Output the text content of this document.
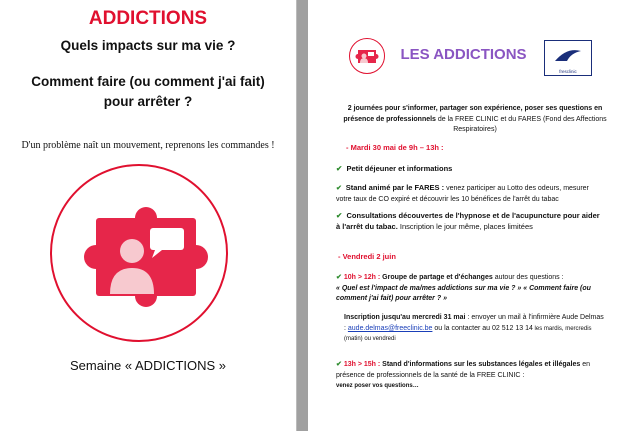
ADDICTIONS

Quels impacts sur ma vie ?

Comment faire (ou comment j'ai fait)
pour arrêter ?

D'un problème naît un mouvement, reprenons les commandes !

Semaine « ADDICTIONS »

LES ADDICTIONS
fresclinic

2 journées pour s'informer, partager son expérience, poser ses questions en présence de professionnels de la FREE CLINIC et du FARES (Fond des Affections Respiratoires)

- Mardi 30 mai de 9h – 13h :

✔ Petit déjeuner et informations

✔ Stand animé par le FARES : venez participer au Lotto des odeurs, mesurer votre taux de CO expiré et découvrir les 10 bénéfices de l'arrêt du tabac

✔ Consultations découvertes de l'hypnose et de l'acupuncture pour aider à l'arrêt du tabac. Inscription le jour même, places limitées

- Vendredi 2 juin

✔ 10h > 12h : Groupe de partage et d'échanges autour des questions :
« Quel est l'impact de ma/mes addictions sur ma vie ? » « Comment faire (ou comment j'ai fait) pour arrêter ? »

Inscription jusqu'au mercredi 31 mai : envoyer un mail à l'infirmière Aude Delmas : aude.delmas@freeclinic.be ou la contacter au 02 512 13 14 les mardis, mercredis (matin) ou vendredi

✔ 13h > 15h : Stand d'informations sur les substances légales et illégales en présence de professionnels de la santé de la FREE CLINIC :
venez poser vos questions…
